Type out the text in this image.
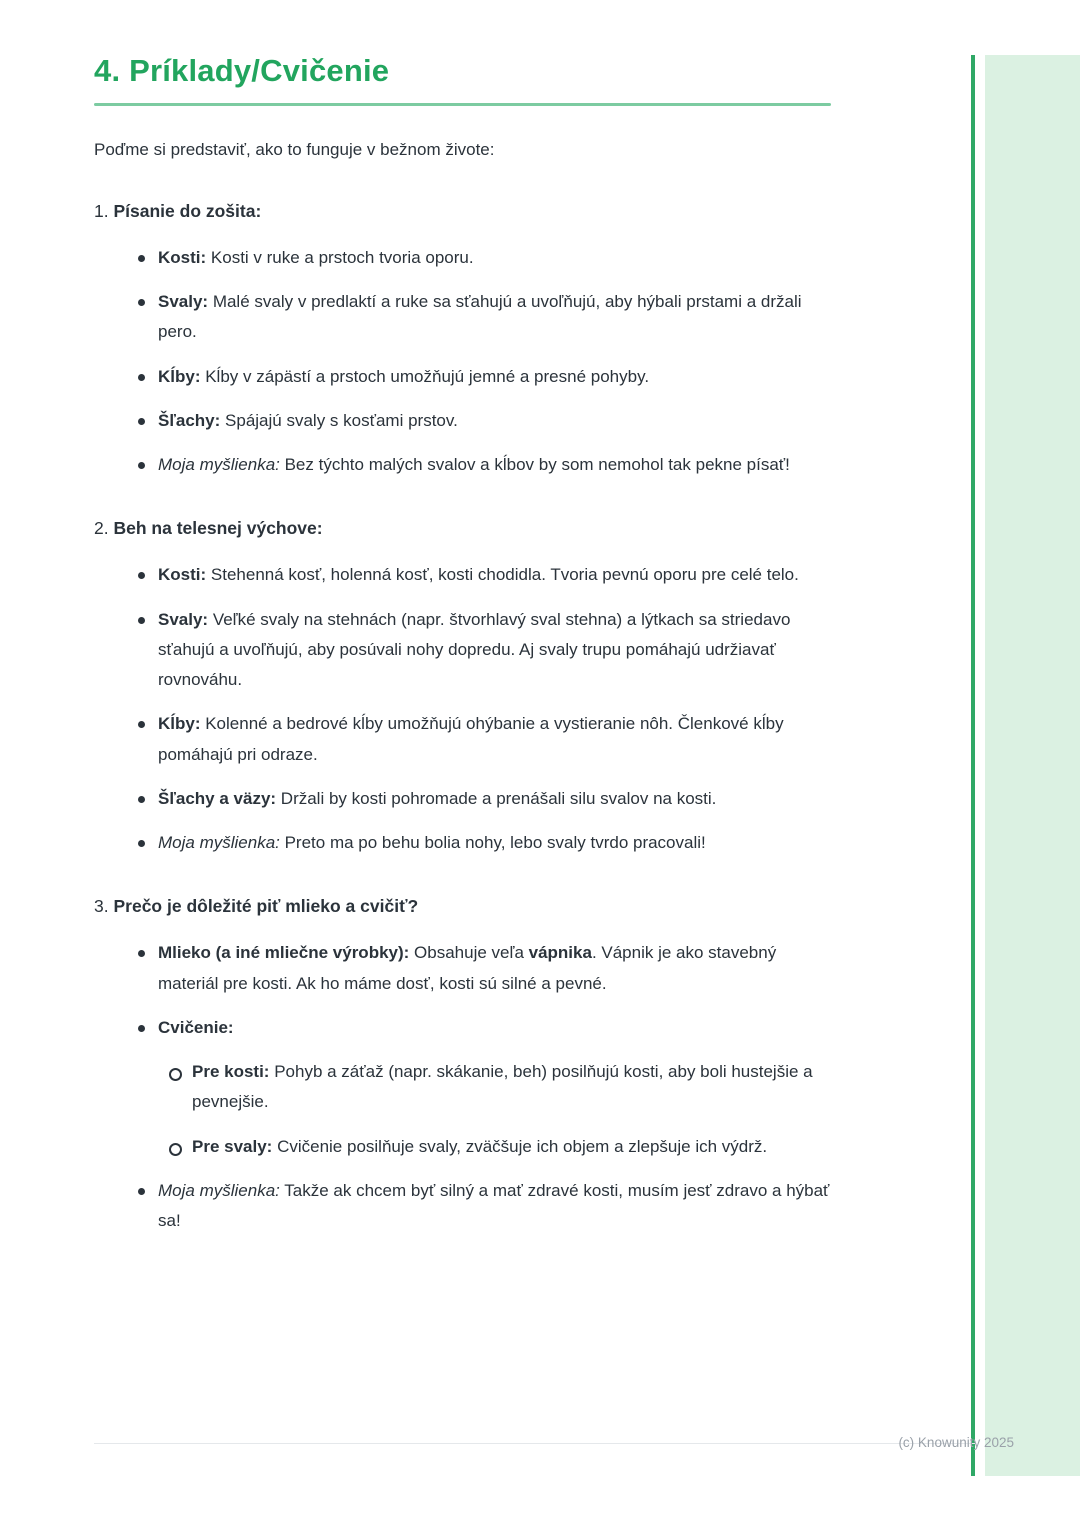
4. Príklady/Cvičenie

Poďme si predstaviť, ako to funguje v bežnom živote:

1. Písanie do zošita:

Kosti: Kosti v ruke a prstoch tvoria oporu.
Svaly: Malé svaly v predlaktí a ruke sa sťahujú a uvoľňujú, aby hýbali prstami a držali pero.
Kĺby: Kĺby v zápästí a prstoch umožňujú jemné a presné pohyby.
Šľachy: Spájajú svaly s kosťami prstov.
Moja myšlienka: Bez týchto malých svalov a kĺbov by som nemohol tak pekne písať!

2. Beh na telesnej výchove:

Kosti: Stehenná kosť, holenná kosť, kosti chodidla. Tvoria pevnú oporu pre celé telo.
Svaly: Veľké svaly na stehnách (napr. štvorhlavý sval stehna) a lýtkach sa striedavo sťahujú a uvoľňujú, aby posúvali nohy dopredu. Aj svaly trupu pomáhajú udržiavať rovnováhu.
Kĺby: Kolenné a bedrové kĺby umožňujú ohýbanie a vystieranie nôh. Členkové kĺby pomáhajú pri odraze.
Šľachy a väzy: Držali by kosti pohromade a prenášali silu svalov na kosti.
Moja myšlienka: Preto ma po behu bolia nohy, lebo svaly tvrdo pracovali!

3. Prečo je dôležité piť mlieko a cvičiť?

Mlieko (a iné mliečne výrobky): Obsahuje veľa vápnika. Vápnik je ako stavebný materiál pre kosti. Ak ho máme dosť, kosti sú silné a pevné.
Cvičenie:
Pre kosti: Pohyb a záťaž (napr. skákanie, beh) posilňujú kosti, aby boli hustejšie a pevnejšie.
Pre svaly: Cvičenie posilňuje svaly, zväčšuje ich objem a zlepšuje ich výdrž.
Moja myšlienka: Takže ak chcem byť silný a mať zdravé kosti, musím jesť zdravo a hýbať sa!
(c) Knowunity 2025
